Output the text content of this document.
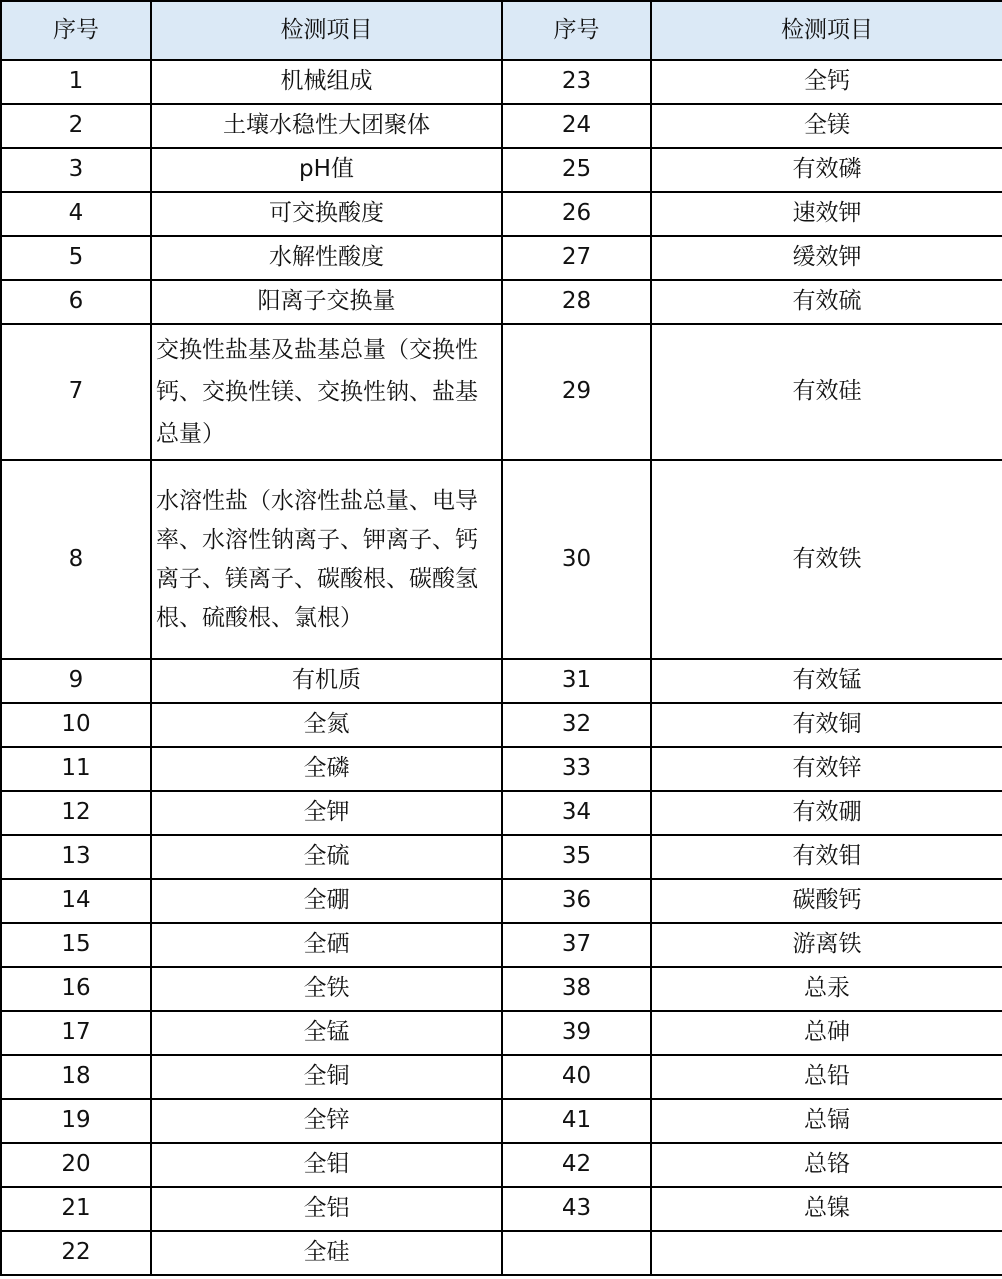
序号	检测项目	序号	检测项目
1	机械组成	23	全钙
2	土壤水稳性大团聚体	24	全镁
3	pH值	25	有效磷
4	可交换酸度	26	速效钾
5	水解性酸度	27	缓效钾
6	阳离子交换量	28	有效硫
7	交换性盐基及盐基总量（交换性钙、交换性镁、交换性钠、盐基总量）	29	有效硅
8	水溶性盐（水溶性盐总量、电导率、水溶性钠离子、钾离子、钙离子、镁离子、碳酸根、碳酸氢根、硫酸根、氯根）	30	有效铁
9	有机质	31	有效锰
10	全氮	32	有效铜
11	全磷	33	有效锌
12	全钾	34	有效硼
13	全硫	35	有效钼
14	全硼	36	碳酸钙
15	全硒	37	游离铁
16	全铁	38	总汞
17	全锰	39	总砷
18	全铜	40	总铅
19	全锌	41	总镉
20	全钼	42	总铬
21	全铝	43	总镍
22	全硅		
